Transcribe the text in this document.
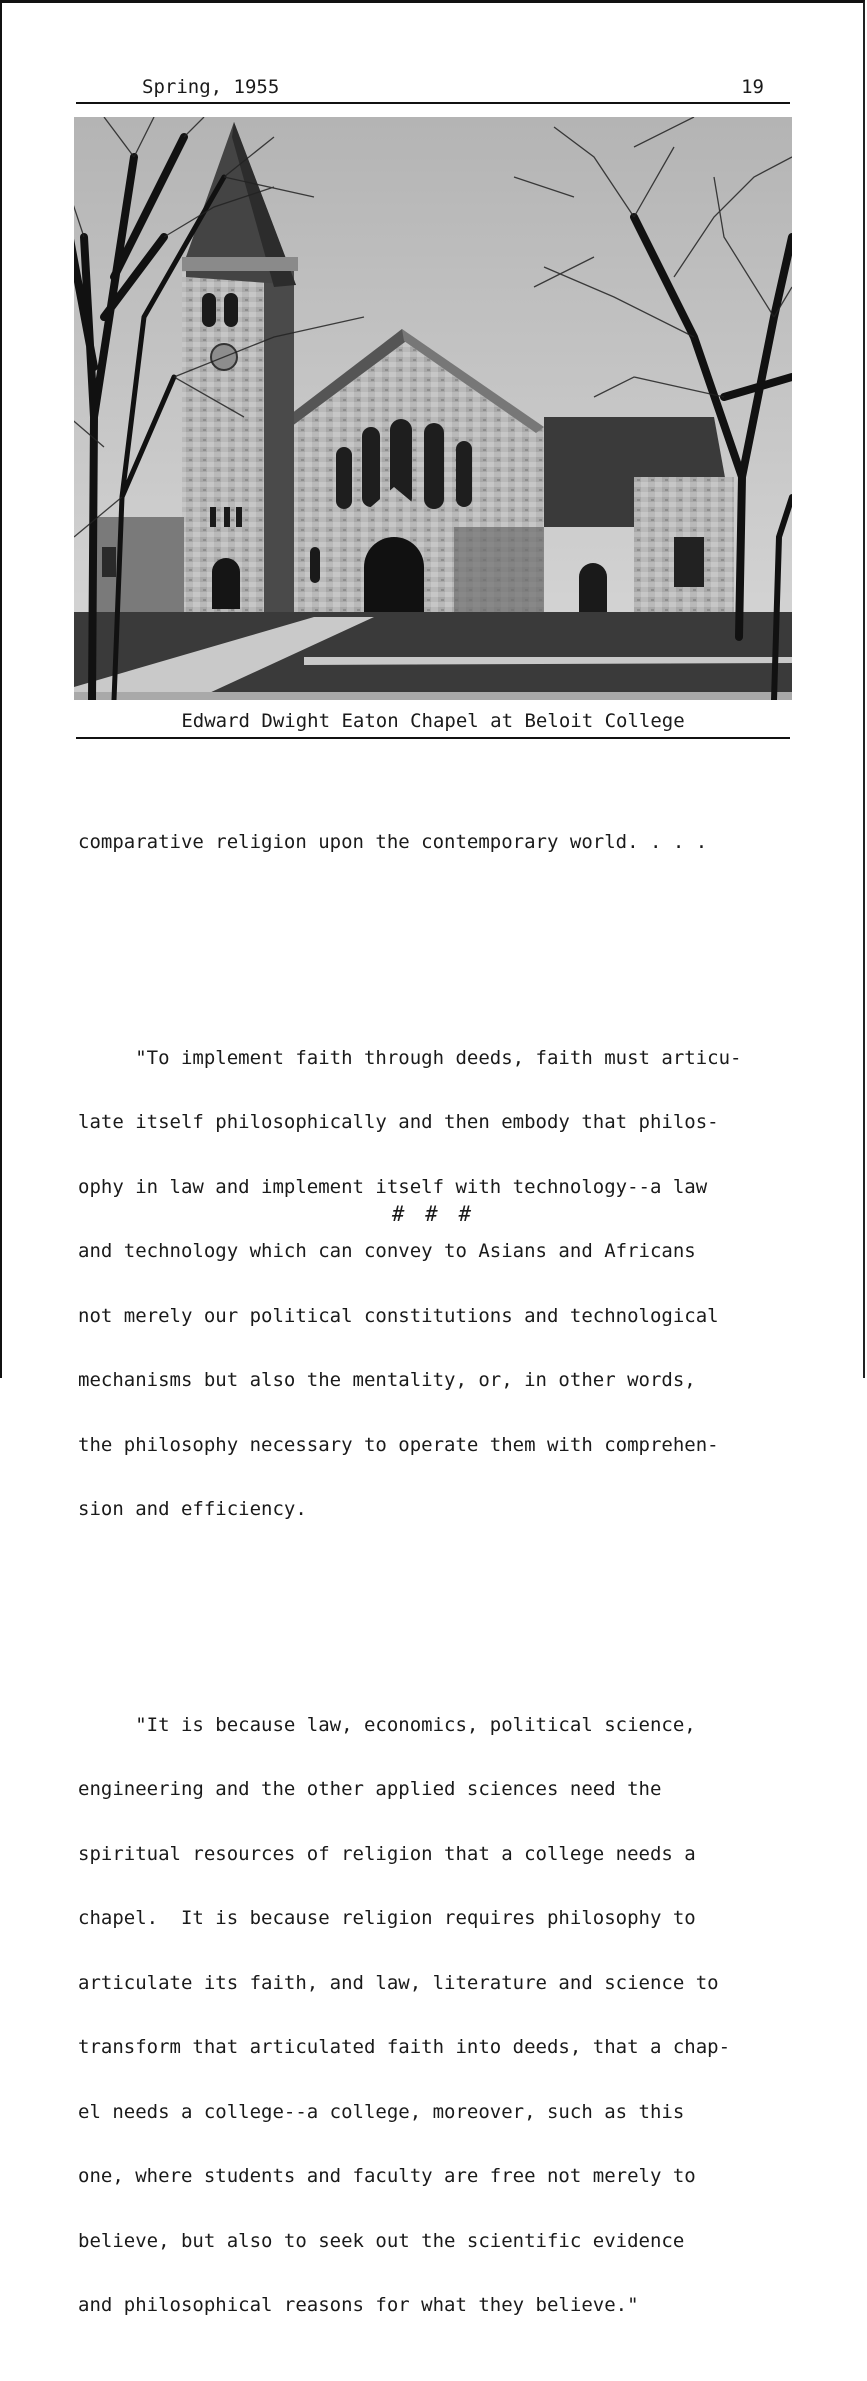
Spring, 1955	19
Edward Dwight Eaton Chapel at Beloit College

comparative religion upon the contemporary world. . . .

"To implement faith through deeds, faith must articu-

late itself philosophically and then embody that philos-

ophy in law and implement itself with technology--a law

and technology which can convey to Asians and Africans

not merely our political constitutions and technological

mechanisms but also the mentality, or, in other words,

the philosophy necessary to operate them with comprehen-

sion and efficiency.

"It is because law, economics, political science,

engineering and the other applied sciences need the

spiritual resources of religion that a college needs a

chapel.  It is because religion requires philosophy to

articulate its faith, and law, literature and science to

transform that articulated faith into deeds, that a chap-

el needs a college--a college, moreover, such as this

one, where students and faculty are free not merely to

believe, but also to seek out the scientific evidence

and philosophical reasons for what they believe."

# # #
